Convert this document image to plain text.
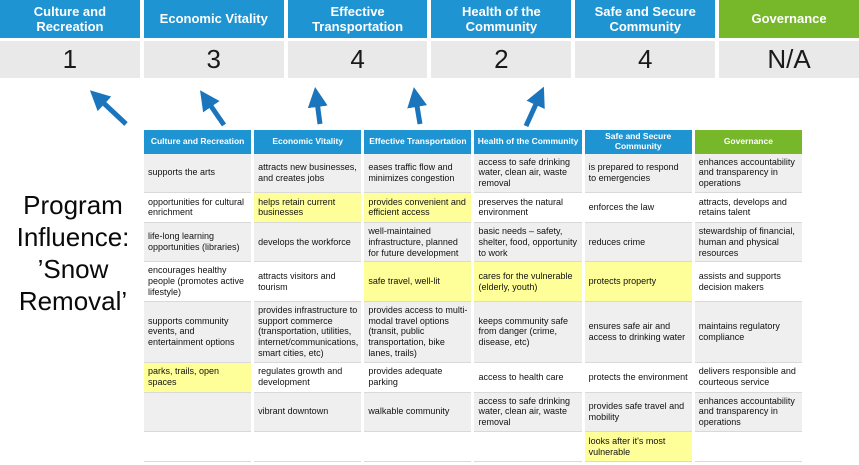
Culture and Recreation
Economic Vitality
Effective Transportation
Health of the Community
Safe and Secure Community
Governance
1	3	4	2	4	N/A
Program
Influence:
’Snow
Removal’
Culture and Recreation	Economic Vitality	Effective Transportation	Health of the Community	Safe and Secure Community	Governance
supports the arts	attracts new businesses, and creates jobs	eases traffic flow and minimizes congestion	access to safe drinking water, clean air, waste removal	is prepared to respond to emergencies	enhances accountability and transparency in operations
opportunities for cultural enrichment	helps retain current businesses	provides convenient and efficient access	preserves the natural environment	enforces the law	attracts, develops and retains talent
life-long learning opportunities (libraries)	develops the workforce	well-maintained infrastructure, planned for future development	basic needs – safety, shelter, food, opportunity to work	reduces crime	stewardship of financial, human and physical resources
encourages healthy people (promotes active lifestyle)	attracts visitors and tourism	safe travel, well-lit	cares for the vulnerable (elderly, youth)	protects property	assists and supports decision makers
supports community events, and entertainment options	provides infrastructure to support commerce (transportation, utilities, internet/communications, smart cities, etc)	provides access to multi-modal travel options (transit, public transportation, bike lanes, trails)	keeps community safe from danger (crime, disease, etc)	ensures safe air and access to drinking water	maintains regulatory compliance
parks, trails, open spaces	regulates growth and development	provides adequate parking	access to health care	protects the environment	delivers responsible and courteous service
	vibrant downtown	walkable community	access to safe drinking water, clean air, waste removal	provides safe travel and mobility	enhances accountability and transparency in operations
				looks after it's most vulnerable	
